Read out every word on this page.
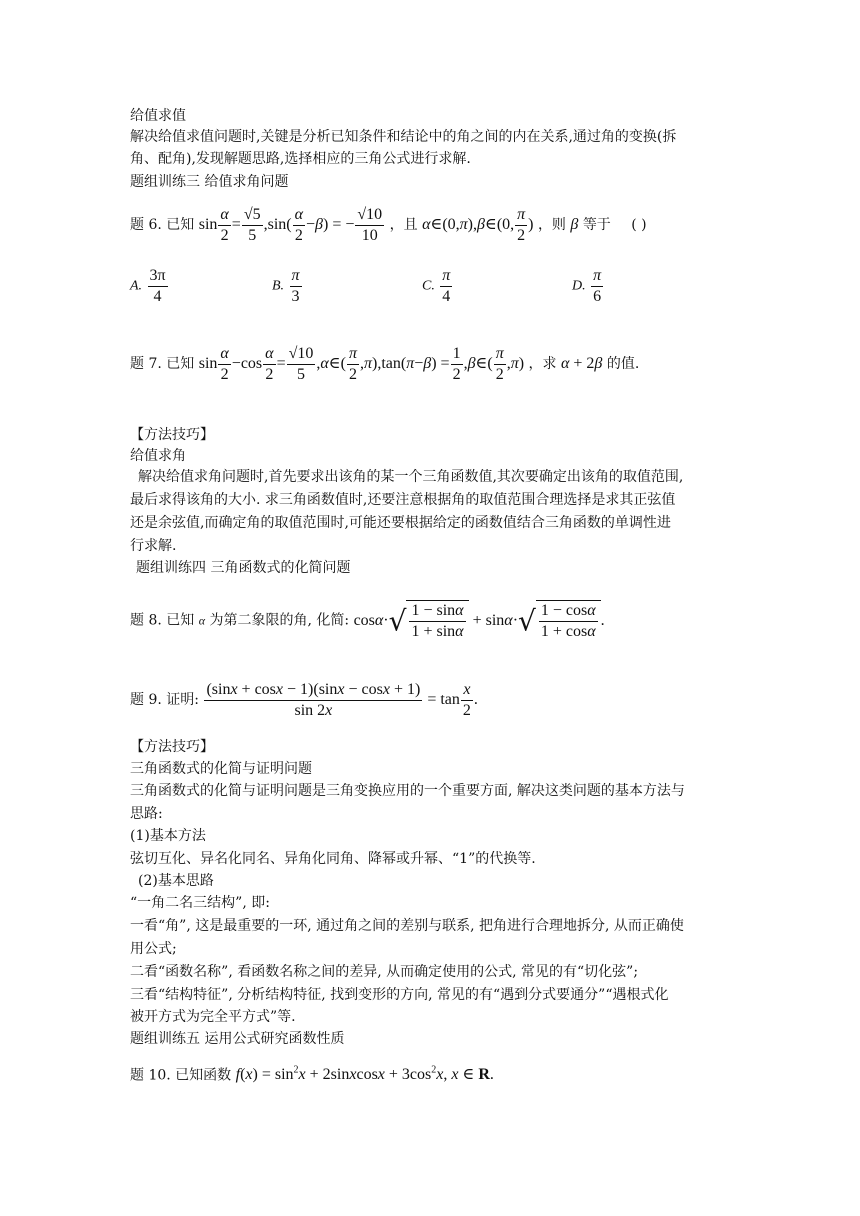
给值求值
解决给值求值问题时,关键是分析已知条件和结论中的角之间的内在关系,通过角的变换(拆
角、配角),发现解题思路,选择相应的三角公式进行求解.
题组训练三 给值求角问题
题 6. 已知 $\sin \frac{\alpha}{2} = \frac{√5}{5} ,\sin( \frac{\alpha}{2} -\beta)$ = − $\frac{√10}{10}$ ，且 α∈(0,π),β∈(0, $\frac{\pi}{2}$ ) ，则 β 等于 ( )
A. $\frac{3\pi}{4}$	B. $\frac{\pi}{3}$	C. $\frac{\pi}{4}$	D. $\frac{\pi}{6}$
题 7. 已知 $\sin \frac{\alpha}{2} -\cos \frac{\alpha}{2} = \frac{√10}{5}$ ,α∈( $\frac{\pi}{2} ,\pi),\tan(\pi-\beta) = \frac{1}{2}$ ,β∈( $\frac{\pi}{2} ,\pi$) ，求 α + 2β 的值.
【方法技巧】
给值求角
解决给值求角问题时,首先要求出该角的某一个三角函数值,其次要确定出该角的取值范围,
最后求得该角的大小. 求三角函数值时,还要注意根据角的取值范围合理选择是求其正弦值
还是余弦值,而确定角的取值范围时,可能还要根据给定的函数值结合三角函数的单调性进
行求解.
题组训练四 三角函数式的化简问题
题 8. 已知 α 为第二象限的角, 化简: $\cos\alpha\cdot√ \frac{1 - \sin\alpha}{1 + \sin\alpha} + \sin\alpha\cdot√ \frac{1 - \cos\alpha}{1 + \cos\alpha}$ .
题 9. 证明: $\frac{(\sin x + \cos x - 1)(\sin x - \cos x + 1)}{\sin 2x} = \tan \frac{x}{2}$ .
【方法技巧】
三角函数式的化简与证明问题
三角函数式的化简与证明问题是三角变换应用的一个重要方面, 解决这类问题的基本方法与
思路:
(1)基本方法
弦切互化、异名化同名、异角化同角、降幂或升幂、“1”的代换等.
(2)基本思路
“一角二名三结构”, 即:
一看“角”, 这是最重要的一环, 通过角之间的差别与联系, 把角进行合理地拆分, 从而正确使
用公式;
二看“函数名称”, 看函数名称之间的差异, 从而确定使用的公式, 常见的有“切化弦”;
三看“结构特征”, 分析结构特征, 找到变形的方向, 常见的有“遇到分式要通分”“遇根式化
被开方式为完全平方式”等.
题组训练五 运用公式研究函数性质
题 10. 已知函数 $f(x) = \sin^2x$ + 2sinxcosx + $3\cos^2x$, x ∈ R.
